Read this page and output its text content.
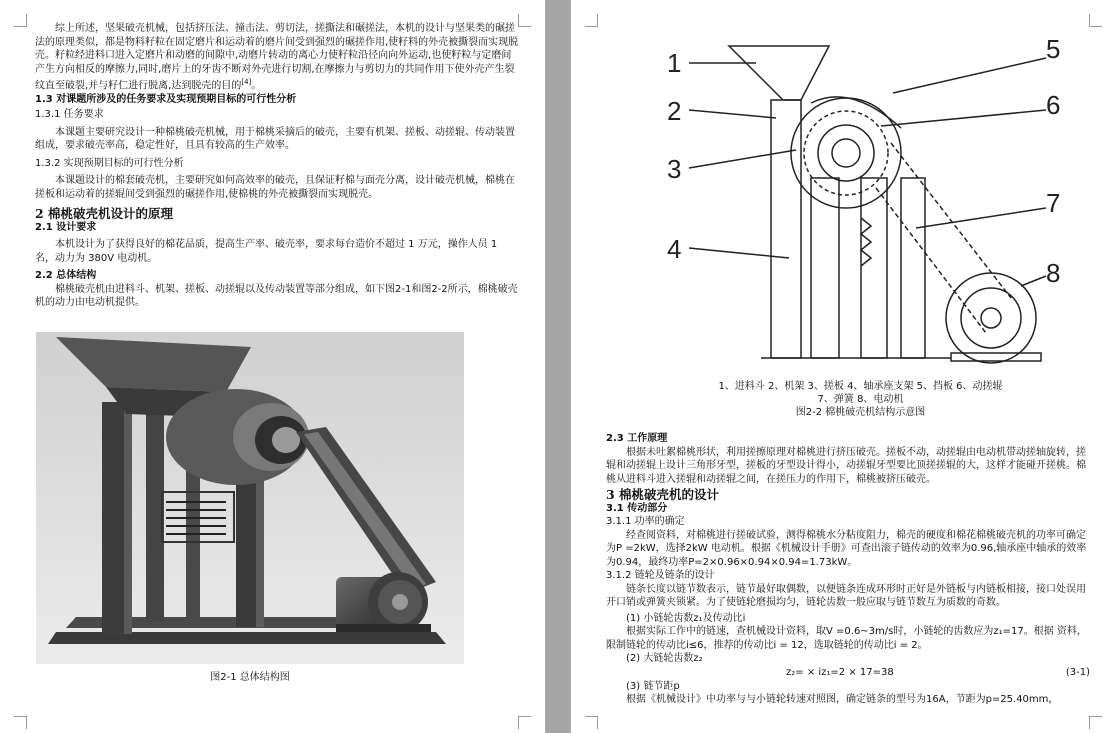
综上所述，坚果破壳机械，包括挤压法、撞击法、剪切法，搓撕法和碾搓法，本机的设计与坚果类的碾搓法的原理类似，都是物料籽粒在固定磨片和运动着的磨片间受到强烈的碾搓作用,使籽料的外壳被撕裂而实现脱壳。籽粒经进料口进入定磨片和动磨的间隙中,动磨片转动的离心力使籽粒沿径向向外运动,也使籽粒与定磨间产生方向相反的摩擦力,同时,磨片上的牙齿不断对外壳进行切割,在摩擦力与剪切力的共同作用下使外壳产生裂纹直至破裂,并与籽仁进行脱离,达到脱壳的目的[4]。

1.3 对课题所涉及的任务要求及实现预期目标的可行性分析
1.3.1 任务要求

本课题主要研究设计一种棉桃破壳机械，用于棉桃采摘后的破壳，主要有机架、搓板、动搓辊、传动装置组成，要求破壳率高，稳定性好，且具有较高的生产效率。

1.3.2 实现预期目标的可行性分析

本课题设计的棉套破壳机，主要研究如何高效率的破壳，且保证籽棉与面壳分离，设计破壳机械，棉桃在搓板和运动着的搓辊间受到强烈的碾搓作用,使棉桃的外壳被撕裂而实现脱壳。

2 棉桃破壳机设计的原理
2.1 设计要求

本机设计为了获得良好的棉花品质，提高生产率、破壳率，要求每台造价不超过 1 万元，操作人员 1 名，动力为 380V 电动机。

2.2 总体结构

棉桃破壳机由进料斗、机架、搓板、动搓辊以及传动装置等部分组成，如下图2-1和图2-2所示，棉桃破壳机的动力由电动机提供。

图2-1 总体结构图
1
2
3
4
5
6
7
8
1、进料斗 2、机架 3、搓板 4、轴承座支架 5、挡板 6、动搓辊
7、弹簧 8、电动机
图2-2 棉桃破壳机结构示意图
2.3 工作原理

根据未吐絮棉桃形状，利用搓擦原理对棉桃进行挤压破壳。搓板不动，动搓辊由电动机带动搓轴旋转，搓辊和动搓辊上设计三角形牙型，搓板的牙型设计得小，动搓辊牙型要比顶搓搓辊的大，这样才能碰开搓桃。棉桃从进料斗进入搓辊和动搓辊之间，在搓压力的作用下，棉桃被挤压破壳。

3 棉桃破壳机的设计
3.1 传动部分
3.1.1 功率的确定

经查阅资料，对棉桃进行搓破试验，测得棉桃水分粘度阻力，棉壳的硬度和棉花棉桃破壳机的功率可确定为P =2kW，选择2kW 电动机。根据《机械设计手册》可查出滚子链传动的效率为0.96,轴承座中轴承的效率为0.94，最终功率P=2×0.96×0.94×0.94=1.73kW。

3.1.2 链轮及链条的设计

链条长度以链节数表示，链节最好取偶数，以便链条连成环形时正好是外链板与内链板相接，接口处误用开口销或弹簧夹锁紧。为了使链轮磨损均匀，链轮齿数一般应取与链节数互为质数的奇数。

(1) 小链轮齿数z₁及传动比i

根据实际工作中的链速，查机械设计资料，取V =0.6~3m/s时，小链轮的齿数应为z₁=17。根据 资料，限制链轮的传动比i≤6，推荐的传动比i = 12，选取链轮的传动比i = 2。

(2) 大链轮齿数z₂

z₂= × iz₁=2 × 17=38	(3-1)

(3) 链节距p

根据《机械设计》中功率与与小链轮转速对照图，确定链条的型号为16A，节距为p=25.40mm，
